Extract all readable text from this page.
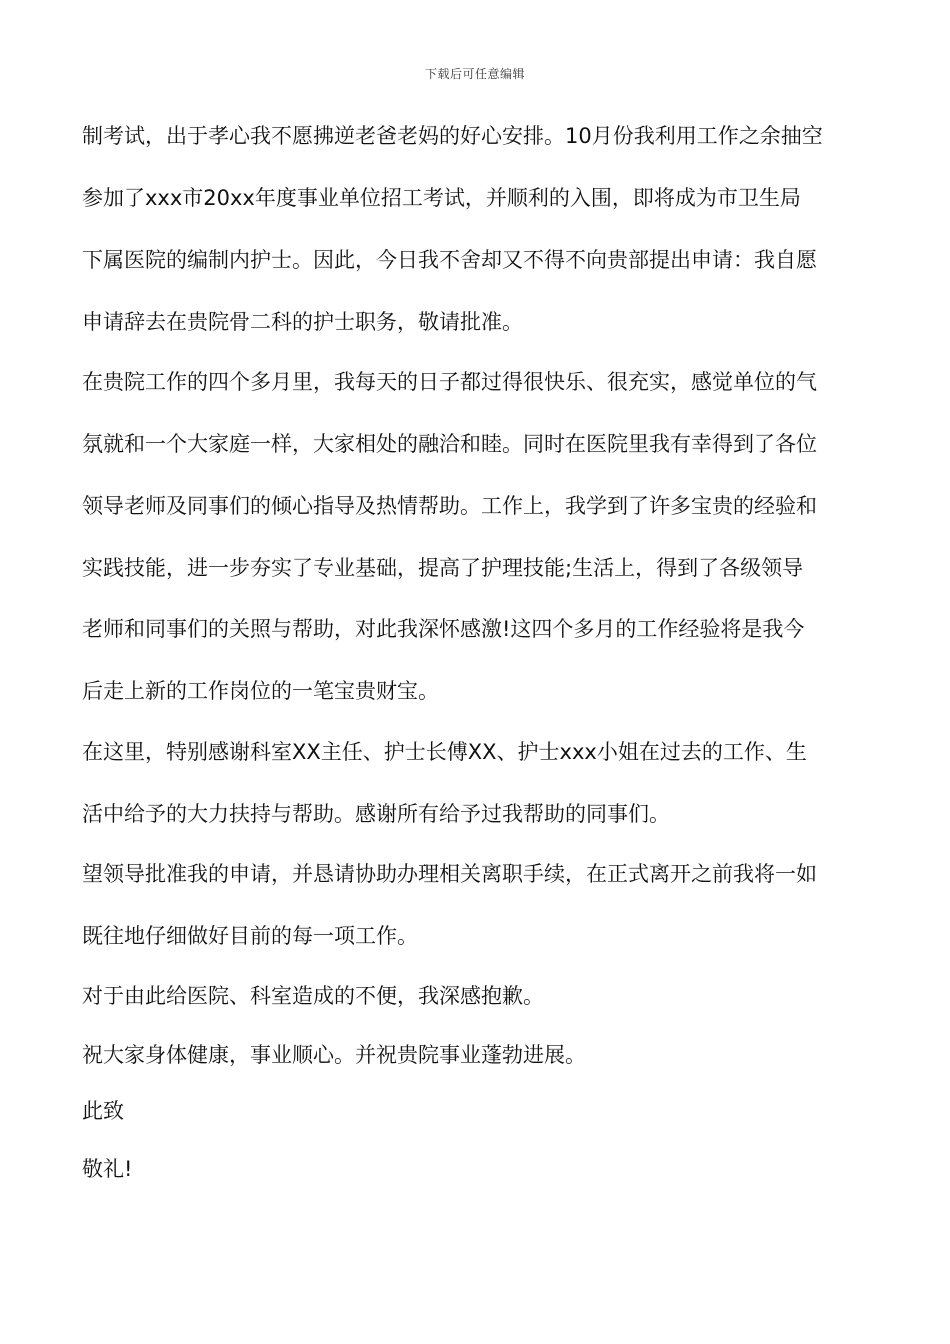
下载后可任意编辑
制考试，出于孝心我不愿拂逆老爸老妈的好心安排。10月份我利用工作之余抽空
参加了xxx市20xx年度事业单位招工考试，并顺利的入围，即将成为市卫生局
下属医院的编制内护士。因此，今日我不舍却又不得不向贵部提出申请：我自愿
申请辞去在贵院骨二科的护士职务，敬请批准。
在贵院工作的四个多月里，我每天的日子都过得很快乐、很充实，感觉单位的气
氛就和一个大家庭一样，大家相处的融洽和睦。同时在医院里我有幸得到了各位
领导老师及同事们的倾心指导及热情帮助。工作上，我学到了许多宝贵的经验和
实践技能，进一步夯实了专业基础，提高了护理技能;生活上，得到了各级领导
老师和同事们的关照与帮助，对此我深怀感激!这四个多月的工作经验将是我今
后走上新的工作岗位的一笔宝贵财宝。
在这里，特别感谢科室XX主任、护士长傅XX、护士xxx小姐在过去的工作、生
活中给予的大力扶持与帮助。感谢所有给予过我帮助的同事们。
望领导批准我的申请，并恳请协助办理相关离职手续，在正式离开之前我将一如
既往地仔细做好目前的每一项工作。
对于由此给医院、科室造成的不便，我深感抱歉。
祝大家身体健康，事业顺心。并祝贵院事业蓬勃进展。
此致
敬礼!
